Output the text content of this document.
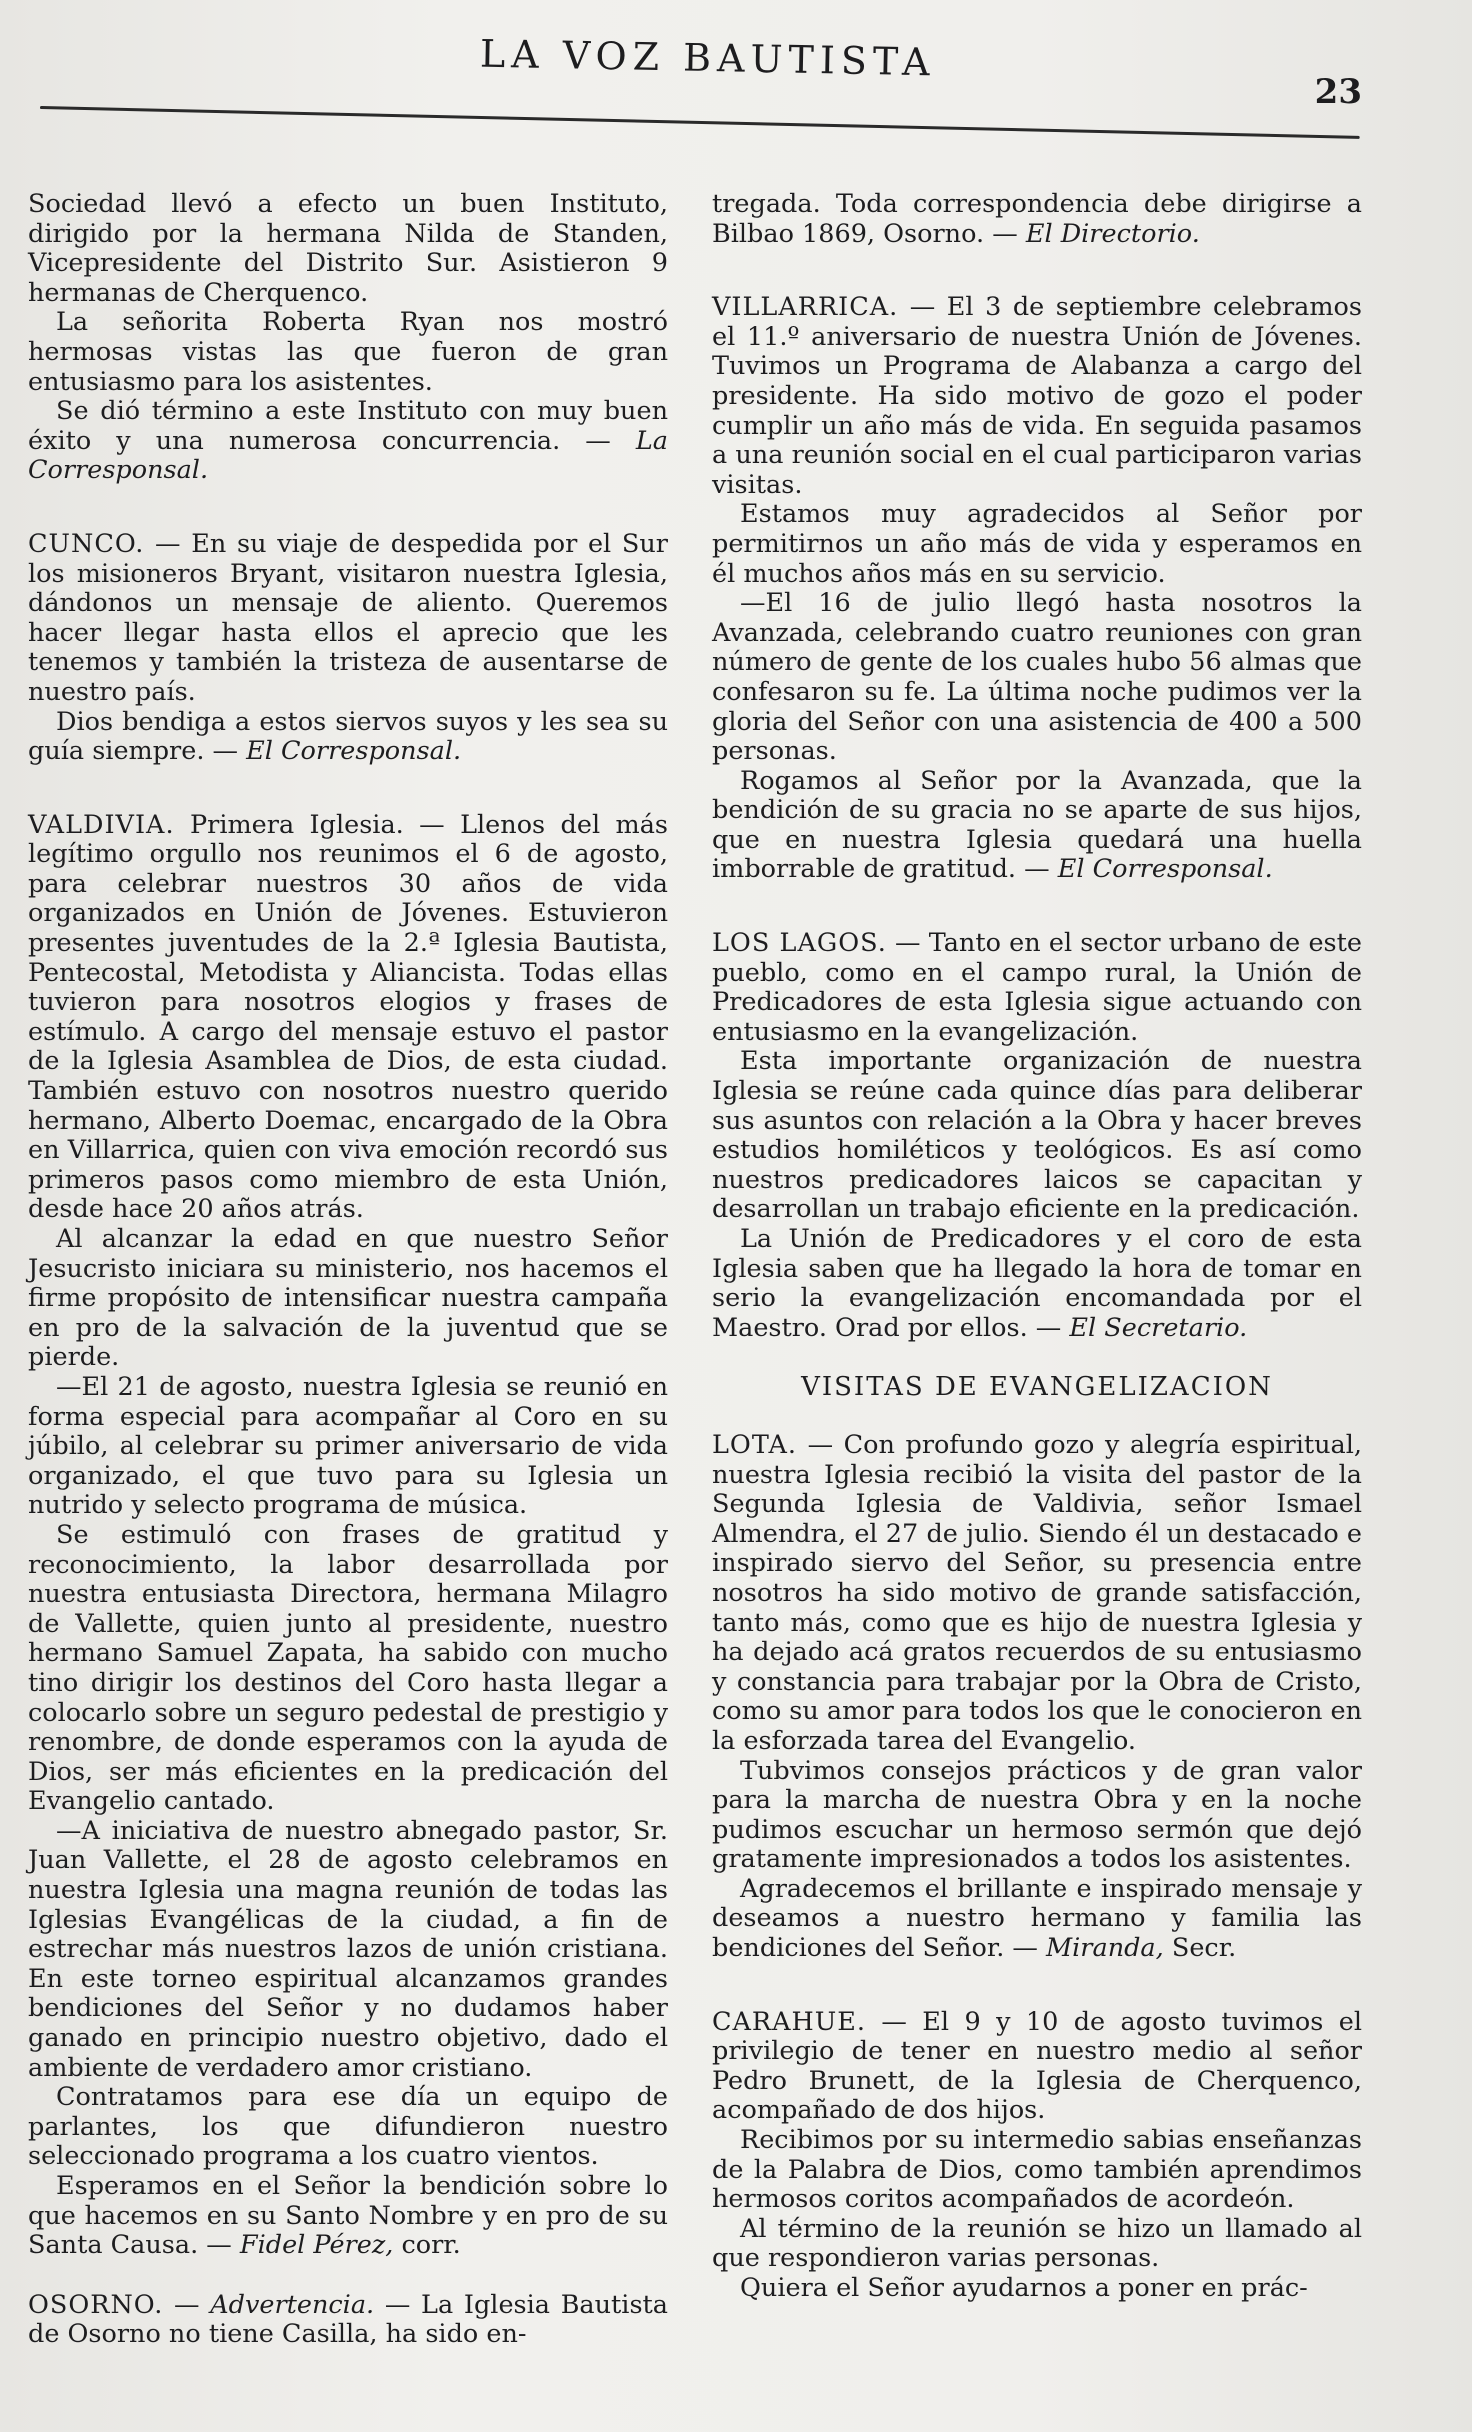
LA VOZ BAUTISTA
23

Sociedad llevó a efecto un buen Instituto, dirigido por la hermana Nilda de Standen, Vicepresidente del Distrito Sur. Asistieron 9 hermanas de Cherquenco.

La señorita Roberta Ryan nos mostró hermosas vistas las que fueron de gran entusiasmo para los asistentes.

Se dió término a este Instituto con muy buen éxito y una numerosa concurrencia. — La Corresponsal.

CUNCO. — En su viaje de despedida por el Sur los misioneros Bryant, visitaron nuestra Iglesia, dándonos un mensaje de aliento. Queremos hacer llegar hasta ellos el aprecio que les tenemos y también la tristeza de ausentarse de nuestro país.

Dios bendiga a estos siervos suyos y les sea su guía siempre. — El Corresponsal.

VALDIVIA. Primera Iglesia. — Llenos del más legítimo orgullo nos reunimos el 6 de agosto, para celebrar nuestros 30 años de vida organizados en Unión de Jóvenes. Estuvieron presentes juventudes de la 2.ª Iglesia Bautista, Pentecostal, Metodista y Aliancista. Todas ellas tuvieron para nosotros elogios y frases de estímulo. A cargo del mensaje estuvo el pastor de la Iglesia Asamblea de Dios, de esta ciudad. También estuvo con nosotros nuestro querido hermano, Alberto Doemac, encargado de la Obra en Villarrica, quien con viva emoción recordó sus primeros pasos como miembro de esta Unión, desde hace 20 años atrás.

Al alcanzar la edad en que nuestro Señor Jesucristo iniciara su ministerio, nos hacemos el firme propósito de intensificar nuestra campaña en pro de la salvación de la juventud que se pierde.

—El 21 de agosto, nuestra Iglesia se reunió en forma especial para acompañar al Coro en su júbilo, al celebrar su primer aniversario de vida organizado, el que tuvo para su Iglesia un nutrido y selecto programa de música.

Se estimuló con frases de gratitud y reconocimiento, la labor desarrollada por nuestra entusiasta Directora, hermana Milagro de Vallette, quien junto al presidente, nuestro hermano Samuel Zapata, ha sabido con mucho tino dirigir los destinos del Coro hasta llegar a colocarlo sobre un seguro pedestal de prestigio y renombre, de donde esperamos con la ayuda de Dios, ser más eficientes en la predicación del Evangelio cantado.

—A iniciativa de nuestro abnegado pastor, Sr. Juan Vallette, el 28 de agosto celebramos en nuestra Iglesia una magna reunión de todas las Iglesias Evangélicas de la ciudad, a fin de estrechar más nuestros lazos de unión cristiana. En este torneo espiritual alcanzamos grandes bendiciones del Señor y no dudamos haber ganado en principio nuestro objetivo, dado el ambiente de verdadero amor cristiano.

Contratamos para ese día un equipo de parlantes, los que difundieron nuestro seleccionado programa a los cuatro vientos.

Esperamos en el Señor la bendición sobre lo que hacemos en su Santo Nombre y en pro de su Santa Causa. — Fidel Pérez, corr.

OSORNO. — Advertencia. — La Iglesia Bautista de Osorno no tiene Casilla, ha sido en-

tregada. Toda correspondencia debe dirigirse a Bilbao 1869, Osorno. — El Directorio.

VILLARRICA. — El 3 de septiembre celebramos el 11.º aniversario de nuestra Unión de Jóvenes. Tuvimos un Programa de Alabanza a cargo del presidente. Ha sido motivo de gozo el poder cumplir un año más de vida. En seguida pasamos a una reunión social en el cual participaron varias visitas.

Estamos muy agradecidos al Señor por permitirnos un año más de vida y esperamos en él muchos años más en su servicio.

—El 16 de julio llegó hasta nosotros la Avanzada, celebrando cuatro reuniones con gran número de gente de los cuales hubo 56 almas que confesaron su fe. La última noche pudimos ver la gloria del Señor con una asistencia de 400 a 500 personas.

Rogamos al Señor por la Avanzada, que la bendición de su gracia no se aparte de sus hijos, que en nuestra Iglesia quedará una huella imborrable de gratitud. — El Corresponsal.

LOS LAGOS. — Tanto en el sector urbano de este pueblo, como en el campo rural, la Unión de Predicadores de esta Iglesia sigue actuando con entusiasmo en la evangelización.

Esta importante organización de nuestra Iglesia se reúne cada quince días para deliberar sus asuntos con relación a la Obra y hacer breves estudios homiléticos y teológicos. Es así como nuestros predicadores laicos se capacitan y desarrollan un trabajo eficiente en la predicación.

La Unión de Predicadores y el coro de esta Iglesia saben que ha llegado la hora de tomar en serio la evangelización encomandada por el Maestro. Orad por ellos. — El Secretario.

VISITAS DE EVANGELIZACION

LOTA. — Con profundo gozo y alegría espiritual, nuestra Iglesia recibió la visita del pastor de la Segunda Iglesia de Valdivia, señor Ismael Almendra, el 27 de julio. Siendo él un destacado e inspirado siervo del Señor, su presencia entre nosotros ha sido motivo de grande satisfacción, tanto más, como que es hijo de nuestra Iglesia y ha dejado acá gratos recuerdos de su entusiasmo y constancia para trabajar por la Obra de Cristo, como su amor para todos los que le conocieron en la esforzada tarea del Evangelio.

Tubvimos consejos prácticos y de gran valor para la marcha de nuestra Obra y en la noche pudimos escuchar un hermoso sermón que dejó gratamente impresionados a todos los asistentes.

Agradecemos el brillante e inspirado mensaje y deseamos a nuestro hermano y familia las bendiciones del Señor. — Miranda, Secr.

CARAHUE. — El 9 y 10 de agosto tuvimos el privilegio de tener en nuestro medio al señor Pedro Brunett, de la Iglesia de Cherquenco, acompañado de dos hijos.

Recibimos por su intermedio sabias enseñanzas de la Palabra de Dios, como también aprendimos hermosos coritos acompañados de acordeón.

Al término de la reunión se hizo un llamado al que respondieron varias personas.

Quiera el Señor ayudarnos a poner en prác-
